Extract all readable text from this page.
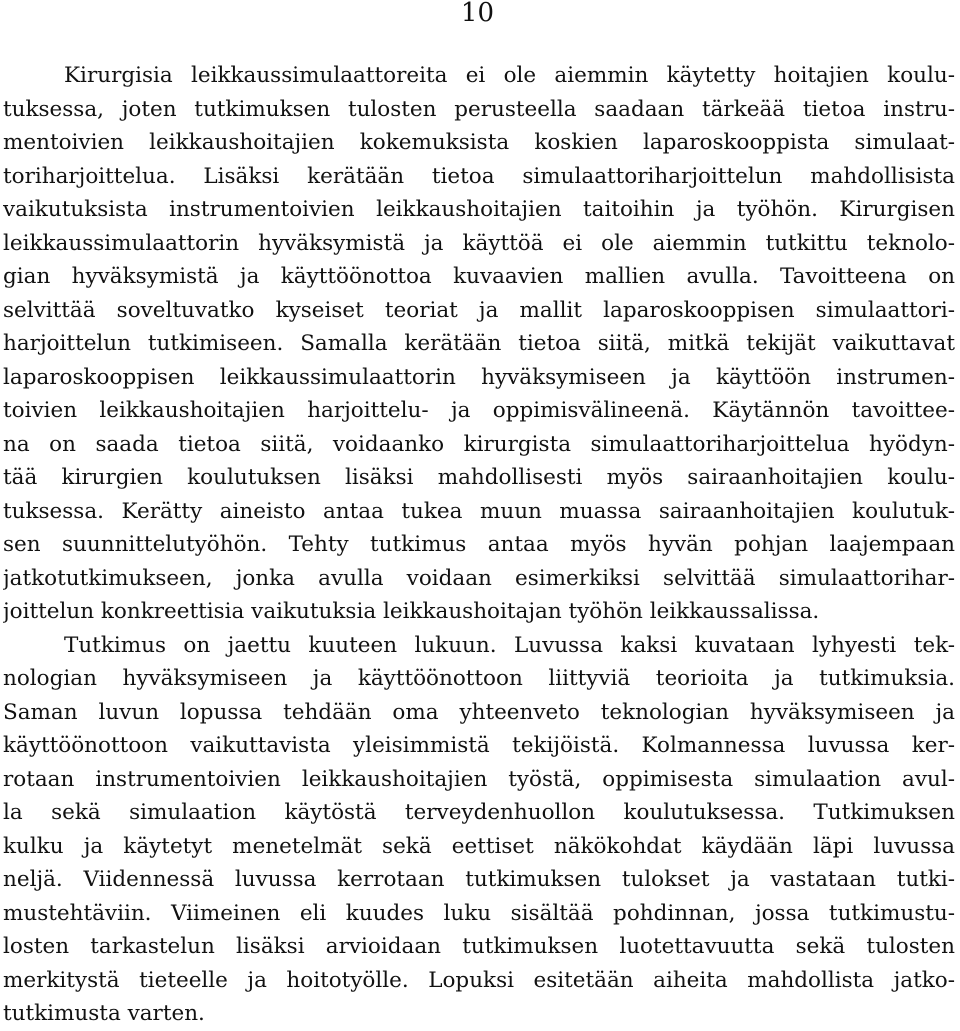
10
Kirurgisia leikkaussimulaattoreita ei ole aiemmin käytetty hoitajien koulu-
tuksessa, joten tutkimuksen tulosten perusteella saadaan tärkeää tietoa instru-
mentoivien leikkaushoitajien kokemuksista koskien laparoskooppista simulaat-
toriharjoittelua. Lisäksi kerätään tietoa simulaattoriharjoittelun mahdollisista
vaikutuksista instrumentoivien leikkaushoitajien taitoihin ja työhön. Kirurgisen
leikkaussimulaattorin hyväksymistä ja käyttöä ei ole aiemmin tutkittu teknolo-
gian hyväksymistä ja käyttöönottoa kuvaavien mallien avulla. Tavoitteena on
selvittää soveltuvatko kyseiset teoriat ja mallit laparoskooppisen simulaattori-
harjoittelun tutkimiseen. Samalla kerätään tietoa siitä, mitkä tekijät vaikuttavat
laparoskooppisen leikkaussimulaattorin hyväksymiseen ja käyttöön instrumen-
toivien leikkaushoitajien harjoittelu- ja oppimisvälineenä. Käytännön tavoittee-
na on saada tietoa siitä, voidaanko kirurgista simulaattoriharjoittelua hyödyn-
tää kirurgien koulutuksen lisäksi mahdollisesti myös sairaanhoitajien koulu-
tuksessa. Kerätty aineisto antaa tukea muun muassa sairaanhoitajien koulutuk-
sen suunnittelutyöhön. Tehty tutkimus antaa myös hyvän pohjan laajempaan
jatkotutkimukseen, jonka avulla voidaan esimerkiksi selvittää simulaattorihar-
joittelun konkreettisia vaikutuksia leikkaushoitajan työhön leikkaussalissa.
Tutkimus on jaettu kuuteen lukuun. Luvussa kaksi kuvataan lyhyesti tek-
nologian hyväksymiseen ja käyttöönottoon liittyviä teorioita ja tutkimuksia.
Saman luvun lopussa tehdään oma yhteenveto teknologian hyväksymiseen ja
käyttöönottoon vaikuttavista yleisimmistä tekijöistä. Kolmannessa luvussa ker-
rotaan instrumentoivien leikkaushoitajien työstä, oppimisesta simulaation avul-
la sekä simulaation käytöstä terveydenhuollon koulutuksessa. Tutkimuksen
kulku ja käytetyt menetelmät sekä eettiset näkökohdat käydään läpi luvussa
neljä. Viidennessä luvussa kerrotaan tutkimuksen tulokset ja vastataan tutki-
mustehtäviin. Viimeinen eli kuudes luku sisältää pohdinnan, jossa tutkimustu-
losten tarkastelun lisäksi arvioidaan tutkimuksen luotettavuutta sekä tulosten
merkitystä tieteelle ja hoitotyölle. Lopuksi esitetään aiheita mahdollista jatko-
tutkimusta varten.
